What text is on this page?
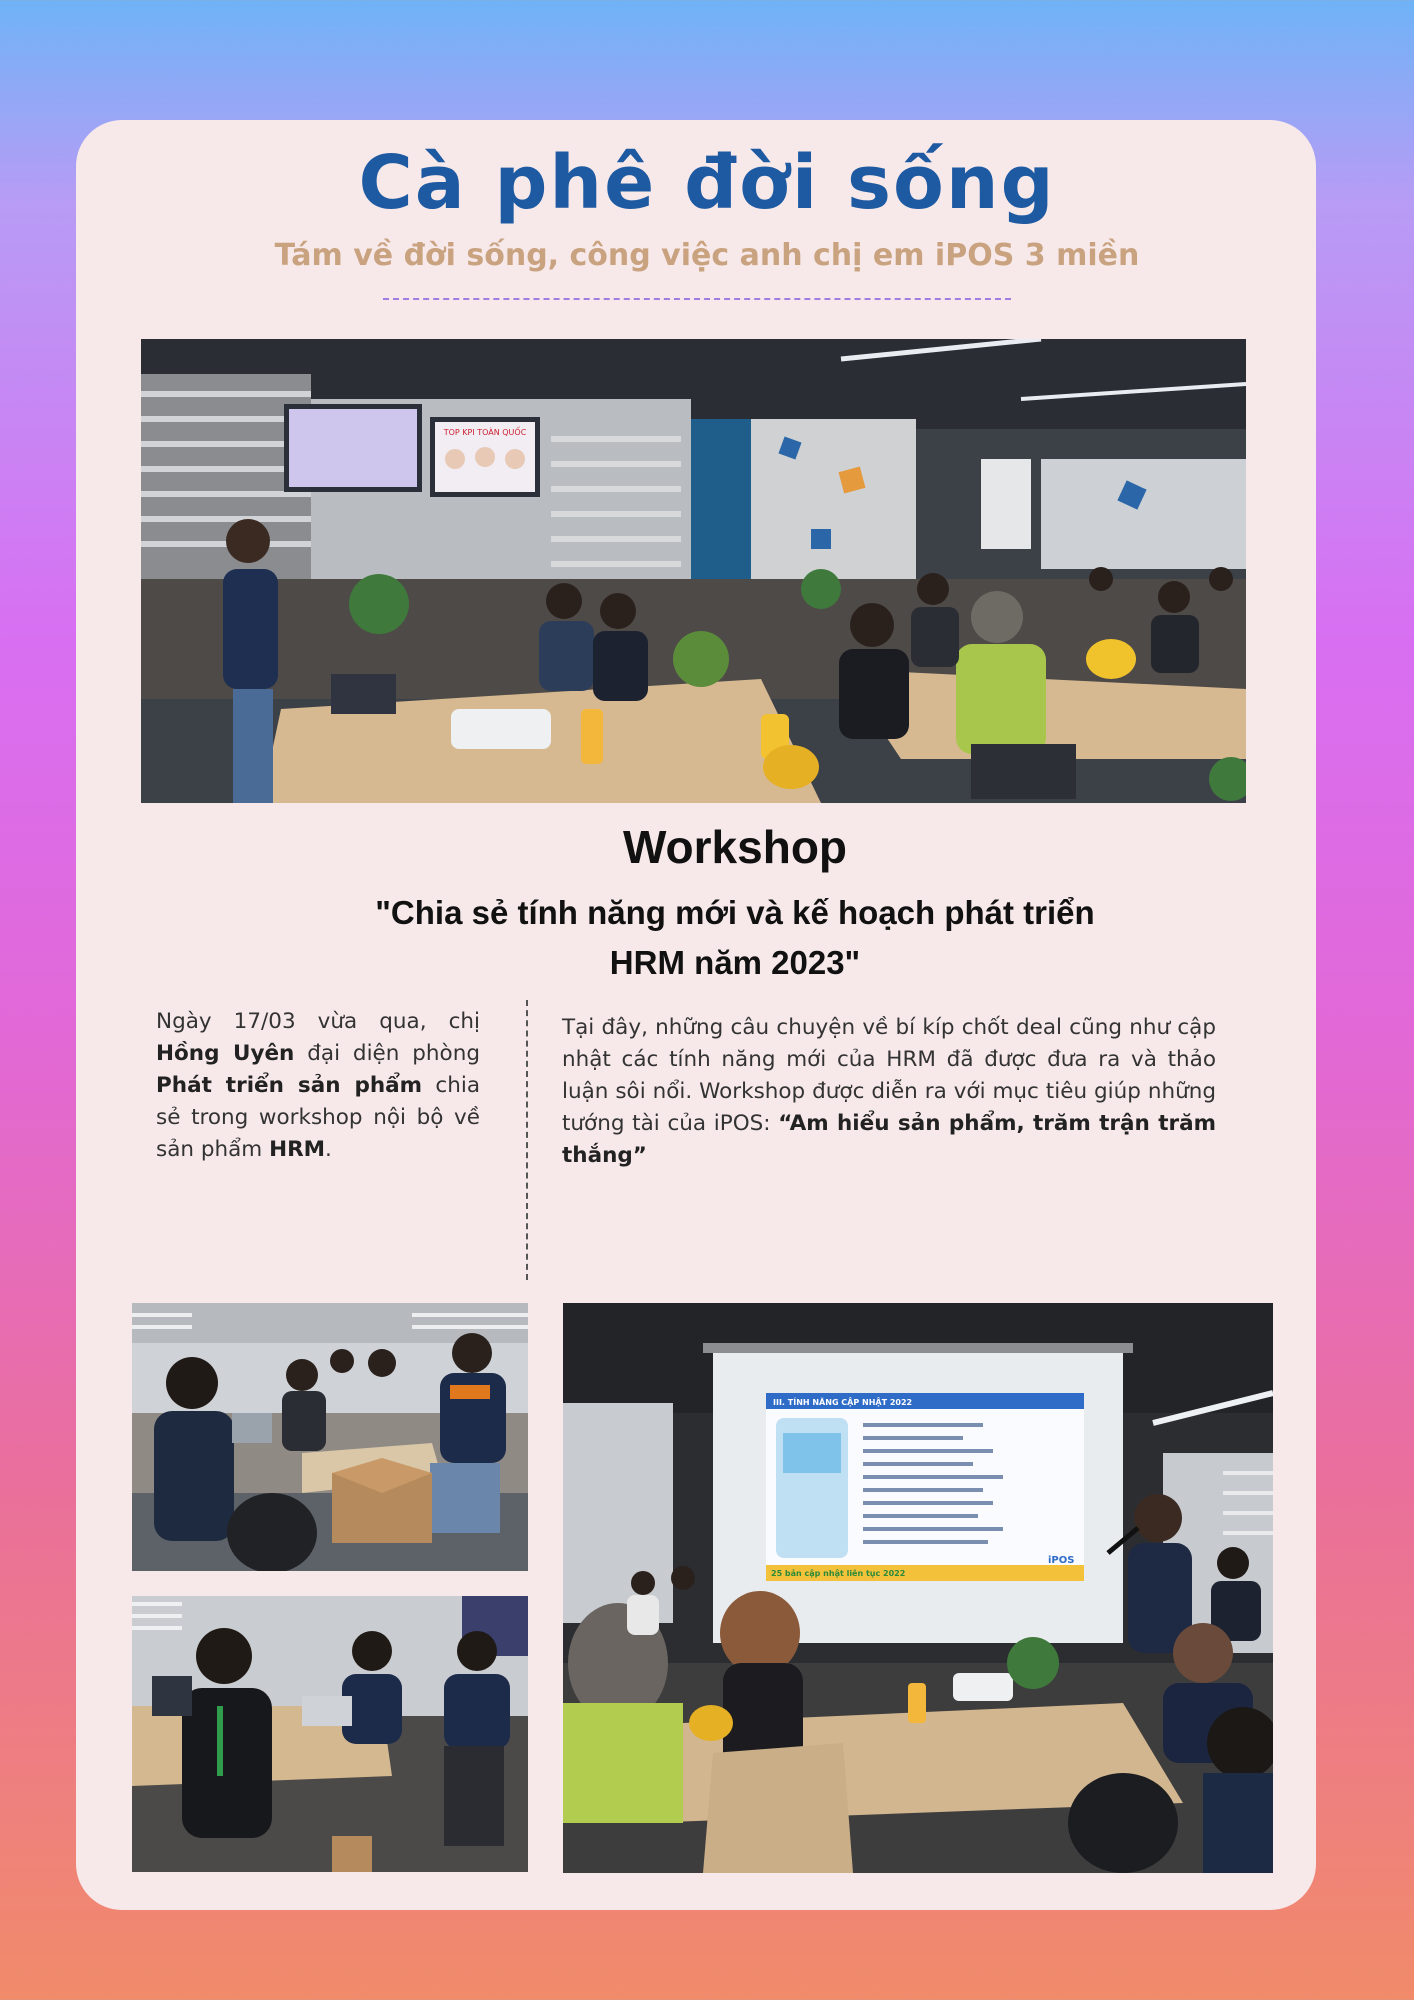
Cà phê đời sống
Tám về đời sống, công việc anh chị em iPOS 3 miền
TOP KPI TOÀN QUỐC
Workshop
"Chia sẻ tính năng mới và kế hoạch phát triển
HRM năm 2023"
Ngày 17/03 vừa qua, chị Hồng Uyên đại diện phòng Phát triển sản phẩm chia sẻ trong workshop nội bộ về sản phẩm HRM.
Tại đây, những câu chuyện về bí kíp chốt deal cũng như cập nhật các tính năng mới của HRM đã được đưa ra và thảo luận sôi nổi. Workshop được diễn ra với mục tiêu giúp những tướng tài của iPOS: “Am hiểu sản phẩm, trăm trận trăm thắng”
III. TÍNH NĂNG CẬP NHẬT 2022
25 bản cập nhật liên tục 2022
iPOS
